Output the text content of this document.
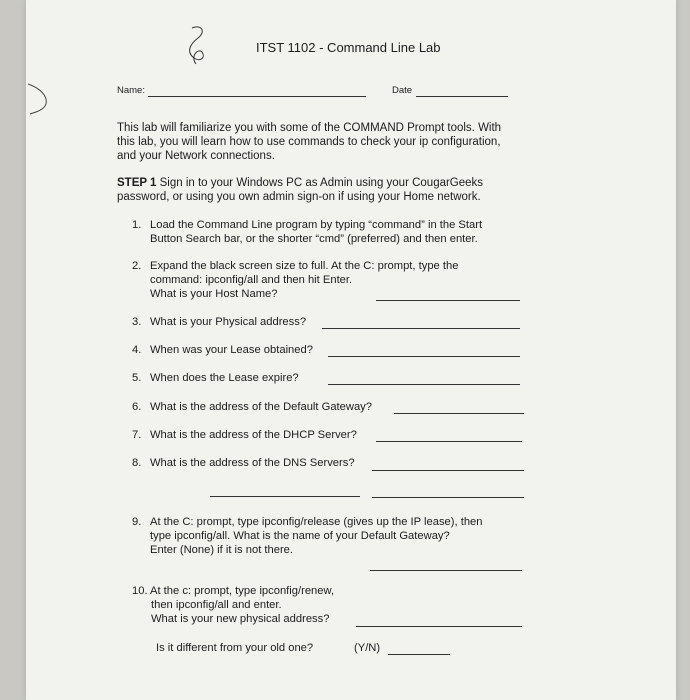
ITST 1102 - Command Line Lab
Name:	Date
This lab will familiarize you with some of the COMMAND Prompt tools. With
this lab, you will learn how to use commands to check your ip configuration,
and your Network connections.
STEP 1 Sign in to your Windows PC as Admin using your CougarGeeks
password, or using you own admin sign-on if using your Home network.
1. Load the Command Line program by typing “command” in the Start
Button Search bar, or the shorter “cmd” (preferred) and then enter.
2. Expand the black screen size to full. At the C: prompt, type the
command: ipconfig/all and then hit Enter.
What is your Host Name?
3. What is your Physical address?
4. When was your Lease obtained?
5. When does the Lease expire?
6. What is the address of the Default Gateway?
7. What is the address of the DHCP Server?
8. What is the address of the DNS Servers?
9. At the C: prompt, type ipconfig/release (gives up the IP lease), then
type ipconfig/all. What is the name of your Default Gateway?
Enter (None) if it is not there.
10. At the c: prompt, type ipconfig/renew,
then ipconfig/all and enter.
What is your new physical address?
Is it different from your old one?	(Y/N)
